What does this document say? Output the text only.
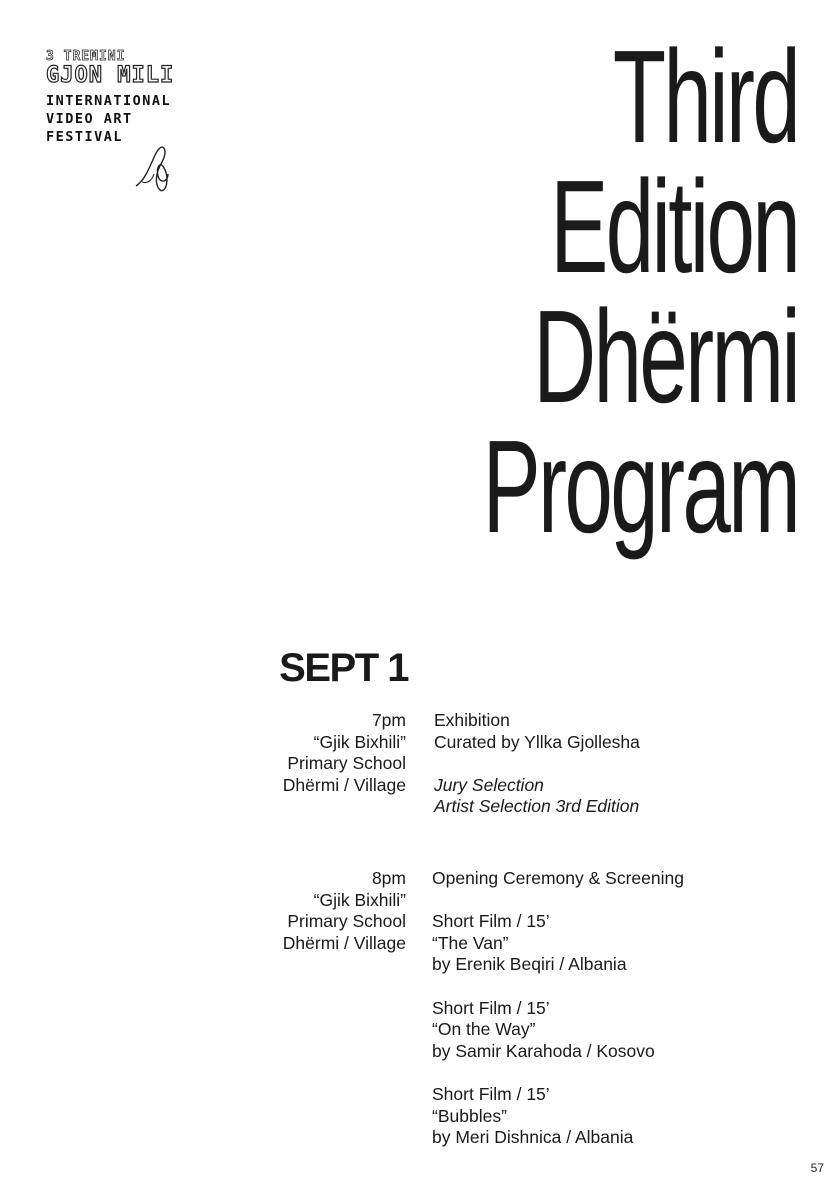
3 TREMINI
GJON MILI
INTERNATIONAL
VIDEO ART
FESTIVAL	Third
Edition
Dhërmi
Program
SEPT 1
7pm
“Gjik Bixhili”
Primary School
Dhërmi / Village
Exhibition
Curated by Yllka Gjollesha
Jury Selection
Artist Selection 3rd Edition
8pm
“Gjik Bixhili”
Primary School
Dhërmi / Village
Opening Ceremony & Screening
Short Film / 15’
“The Van”
by Erenik Beqiri / Albania
Short Film / 15’
“On the Way”
by Samir Karahoda / Kosovo
Short Film / 15’
“Bubbles”
by Meri Dishnica / Albania
57
